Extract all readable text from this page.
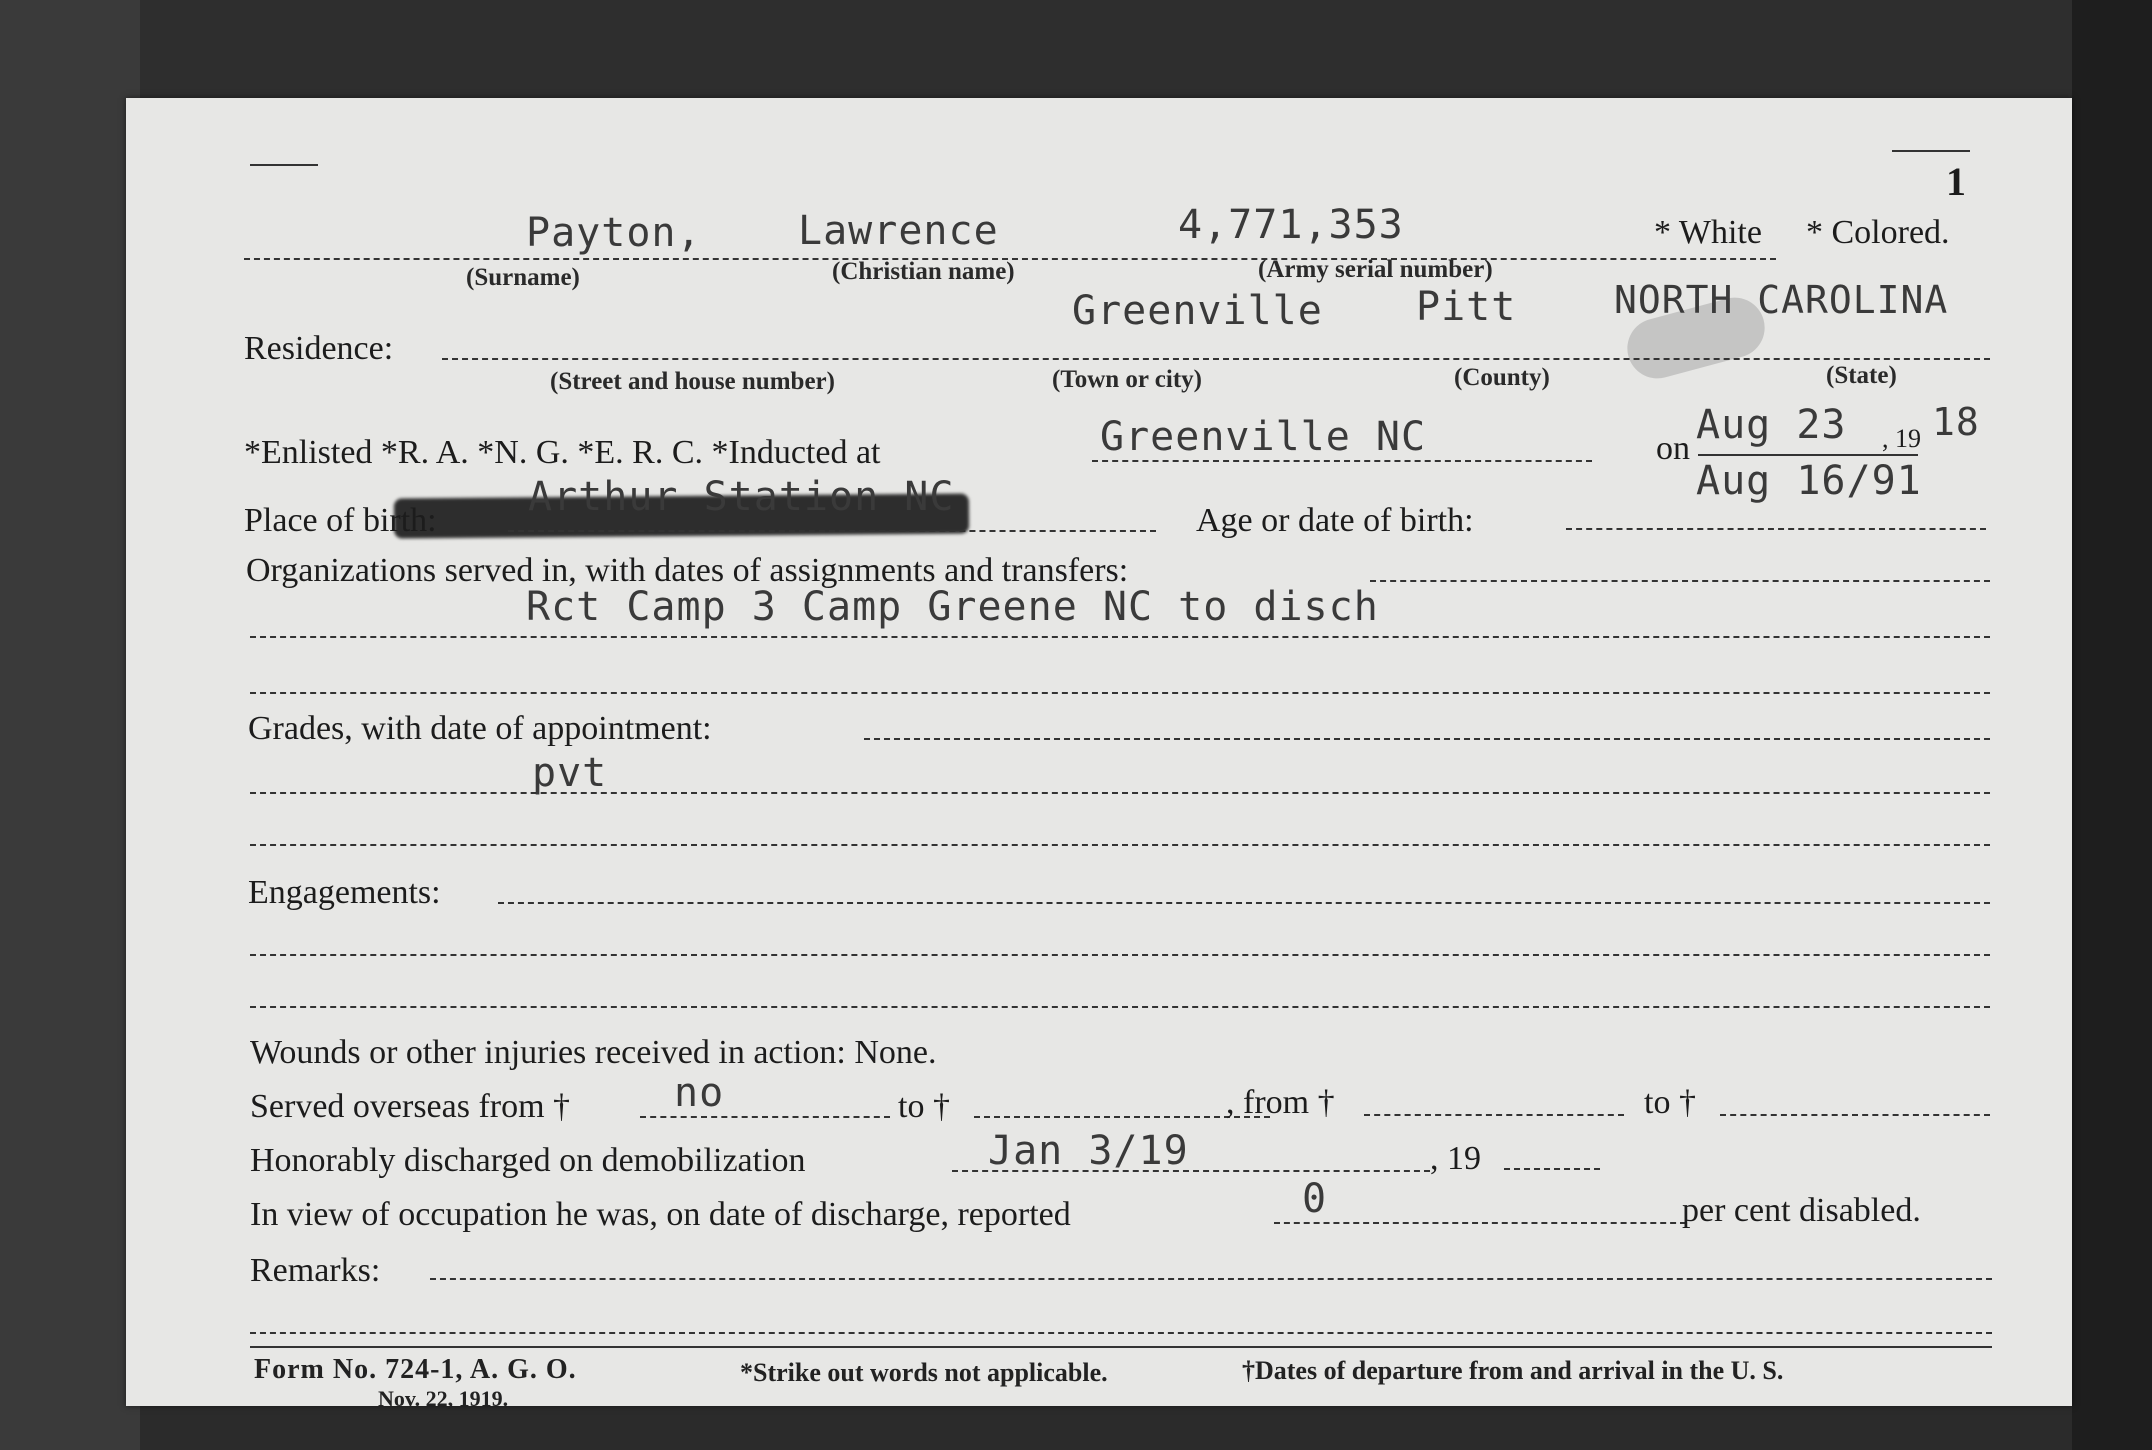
1
Payton, Lawrence	4,771,353	* White * Colored.
(Surname)	(Christian name)	(Army serial number)
Greenville Pitt	NORTH CAROLINA
Residence:
(Street and house number)	(Town or city)	(County)	(State)
*Enlisted *R. A. *N. G. *E. R. C. *Inducted at	Greenville NC	on
Aug 23 , 19 18
Place of birth:
Arthur Station NC
Age or date of birth:
Aug 16/91
Organizations served in, with dates of assignments and transfers:
Rct Camp 3 Camp Greene NC to disch
Grades, with date of appointment:
pvt
Engagements:
Wounds or other injuries received in action: None.
Served overseas from †	no	to †	, from †	to †
Honorably discharged on demobilization	Jan 3/19	, 19
In view of occupation he was, on date of discharge, reported	0	per cent disabled.
Remarks:
Form No. 724-1, A. G. O.
Nov. 22, 1919.
*Strike out words not applicable.	†Dates of departure from and arrival in the U. S.
